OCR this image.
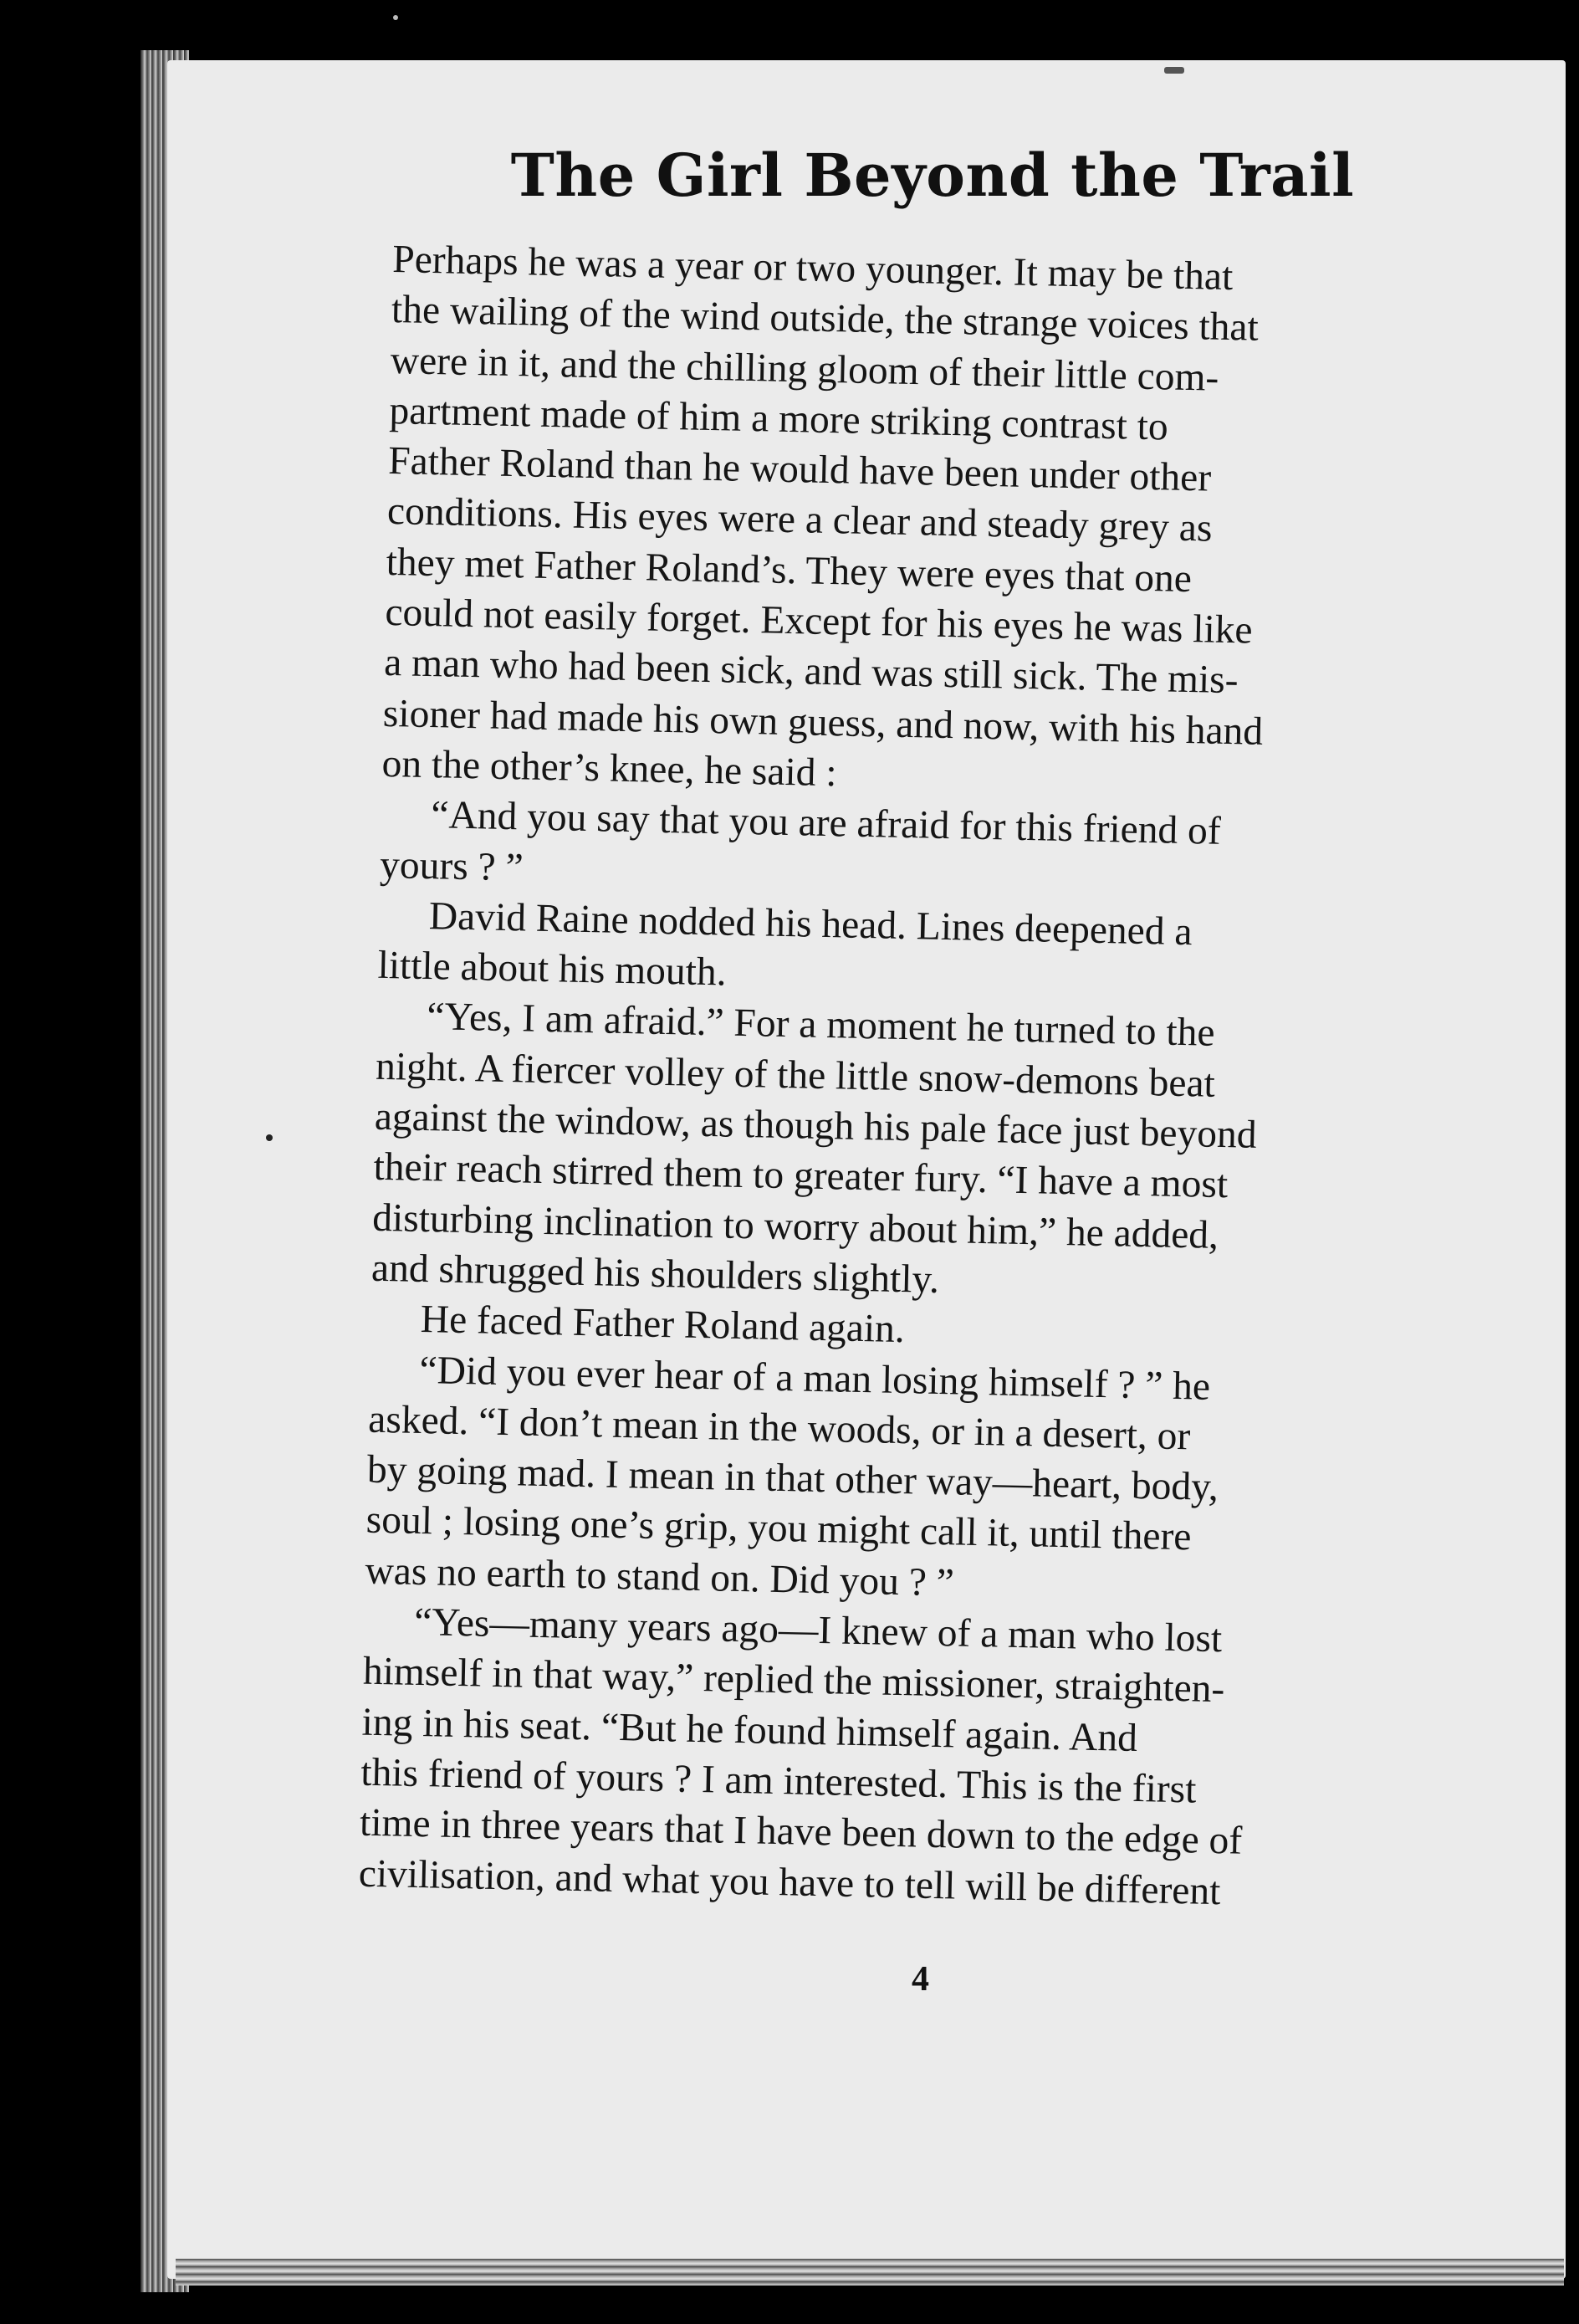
The Girl Beyond the Trail
Perhaps he was a year or two younger. It may be that
the wailing of the wind outside, the strange voices that
were in it, and the chilling gloom of their little com-
partment made of him a more striking contrast to
Father Roland than he would have been under other
conditions. His eyes were a clear and steady grey as
they met Father Roland’s. They were eyes that one
could not easily forget. Except for his eyes he was like
a man who had been sick, and was still sick. The mis-
sioner had made his own guess, and now, with his hand
on the other’s knee, he said :
“And you say that you are afraid for this friend of
yours ? ”
David Raine nodded his head. Lines deepened a
little about his mouth.
“Yes, I am afraid.” For a moment he turned to the
night. A fiercer volley of the little snow-demons beat
against the window, as though his pale face just beyond
their reach stirred them to greater fury. “I have a most
disturbing inclination to worry about him,” he added,
and shrugged his shoulders slightly.
He faced Father Roland again.
“Did you ever hear of a man losing himself ? ” he
asked. “I don’t mean in the woods, or in a desert, or
by going mad. I mean in that other way—heart, body,
soul ; losing one’s grip, you might call it, until there
was no earth to stand on. Did you ? ”
“Yes—many years ago—I knew of a man who lost
himself in that way,” replied the missioner, straighten-
ing in his seat. “But he found himself again. And
this friend of yours ? I am interested. This is the first
time in three years that I have been down to the edge of
civilisation, and what you have to tell will be different
4
